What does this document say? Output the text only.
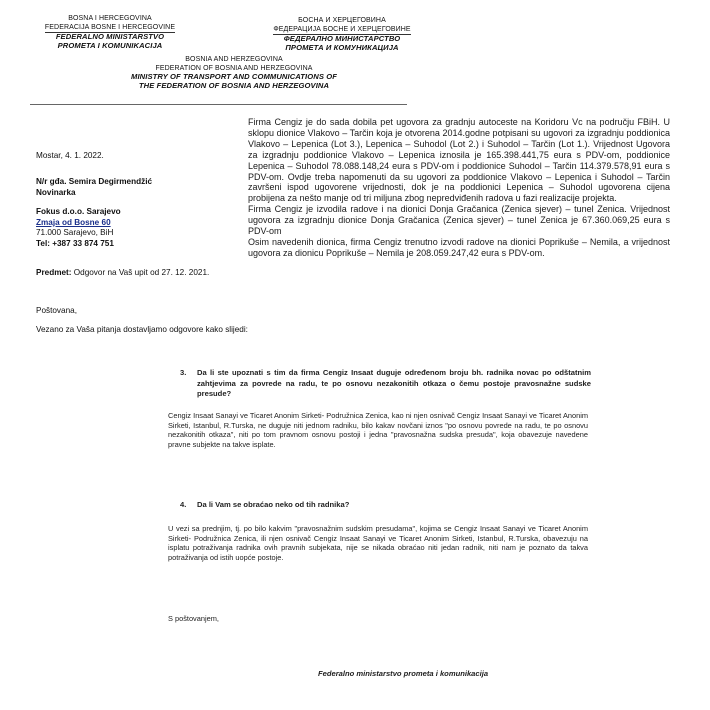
BOSNA I HERCEGOVINA
FEDERACIJA BOSNE I HERCEGOVINE
FEDERALNO MINISTARSTVO
PROMETA I KOMUNIKACIJA
БОСНА И ХЕРЦЕГОВИНА
ФЕДЕРАЦИЈА БОСНЕ И ХЕРЦЕГОВИНЕ
ФЕДЕРАЛНО МИНИСТАРСТВО
ПРОМЕТА И КОМУНИКАЦИЈА
BOSNIA AND HERZEGOVINA
FEDERATION OF BOSNIA AND HERZEGOVINA
MINISTRY OF TRANSPORT AND COMMUNICATIONS OF
THE FEDERATION OF BOSNIA AND HERZEGOVINA
Mostar, 4. 1. 2022.
N/r gđa. Semira Degirmendžić
Novinarka
Fokus d.o.o. Sarajevo
Zmaja od Bosne 60
71.000 Sarajevo, BiH
Tel: +387 33 874 751
Predmet: Odgovor na Vaš upit od 27. 12. 2021.
Poštovana,
Vezano za Vaša pitanja dostavljamo odgovore kako slijedi:
Firma Cengiz je do sada dobila pet ugovora za gradnju autoceste na Koridoru Vc na području FBiH. U sklopu dionice Vlakovo – Tarčin koja je otvorena 2014.godne potpisani su ugovori za izgradnju poddionica Vlakovo – Lepenica (Lot 3.), Lepenica – Suhodol (Lot 2.) i Suhodol – Tarčin (Lot 1.). Vrijednost Ugovora za izgradnju poddionice Vlakovo – Lepenica iznosila je 165.398.441,75 eura s PDV-om, poddionice Lepenica – Suhodol 78.088.148,24 eura s PDV-om i poddionice Suhodol – Tarčin 114.379.578,91 eura s PDV-om. Ovdje treba napomenuti da su ugovori za poddionice Vlakovo – Lepenica i Suhodol – Tarčin završeni ispod ugovorene vrijednosti, dok je na poddionici Lepenica – Suhodol ugovorena cijena probijena za nešto manje od tri miljuna zbog nepredviđenih radova u fazi realizacije projekta.
Firma Cengiz je izvodila radove i na dionici Donja Gračanica (Zenica sjever) – tunel Zenica. Vrijednost ugovora za izgradnju dionice Donja Gračanica (Zenica sjever) – tunel Zenica je 67.360.069,25 eura s PDV-om
Osim navedenih dionica, firma Cengiz trenutno izvodi radove na dionici Poprikuše – Nemila, a vrijednost ugovora za dionicu Poprikuše – Nemila je 208.059.247,42 eura s PDV-om.
3. Da li ste upoznati s tim da firma Cengiz Insaat duguje određenom broju bh. radnika novac po odštatnim zahtjevima za povrede na radu, te po osnovu nezakonitih otkaza o čemu postoje pravosnažne sudske presude?
Cengiz Insaat Sanayi ve Ticaret Anonim Sirketi- Podružnica Zenica, kao ni njen osnivač Cengiz Insaat Sanayi ve Ticaret Anonim Sirketi, Istanbul, R.Turska, ne duguje niti jednom radniku, bilo kakav novčani iznos "po osnovu povrede na radu, te po osnovu nezakonitih otkaza", niti po tom pravnom osnovu postoji i jedna "pravosnažna sudska presuda", koja obavezuje navedene pravne subjekte na takve isplate.
4. Da li Vam se obraćao neko od tih radnika?
U vezi sa prednjim, tj. po bilo kakvim "pravosnažnim sudskim presudama", kojima se Cengiz Insaat Sanayi ve Ticaret Anonim Sirketi- Podružnica Zenica, ili njen osnivač Cengiz Insaat Sanayi ve Ticaret Anonim Sirketi, Istanbul, R.Turska, obavezuju na isplatu potraživanja radnika ovih pravnih subjekata, nije se nikada obraćao niti jedan radnik, niti nam je poznato da takva potraživanja od istih uopće postoje.
S poštovanjem,
Federalno ministarstvo prometa i komunikacija
